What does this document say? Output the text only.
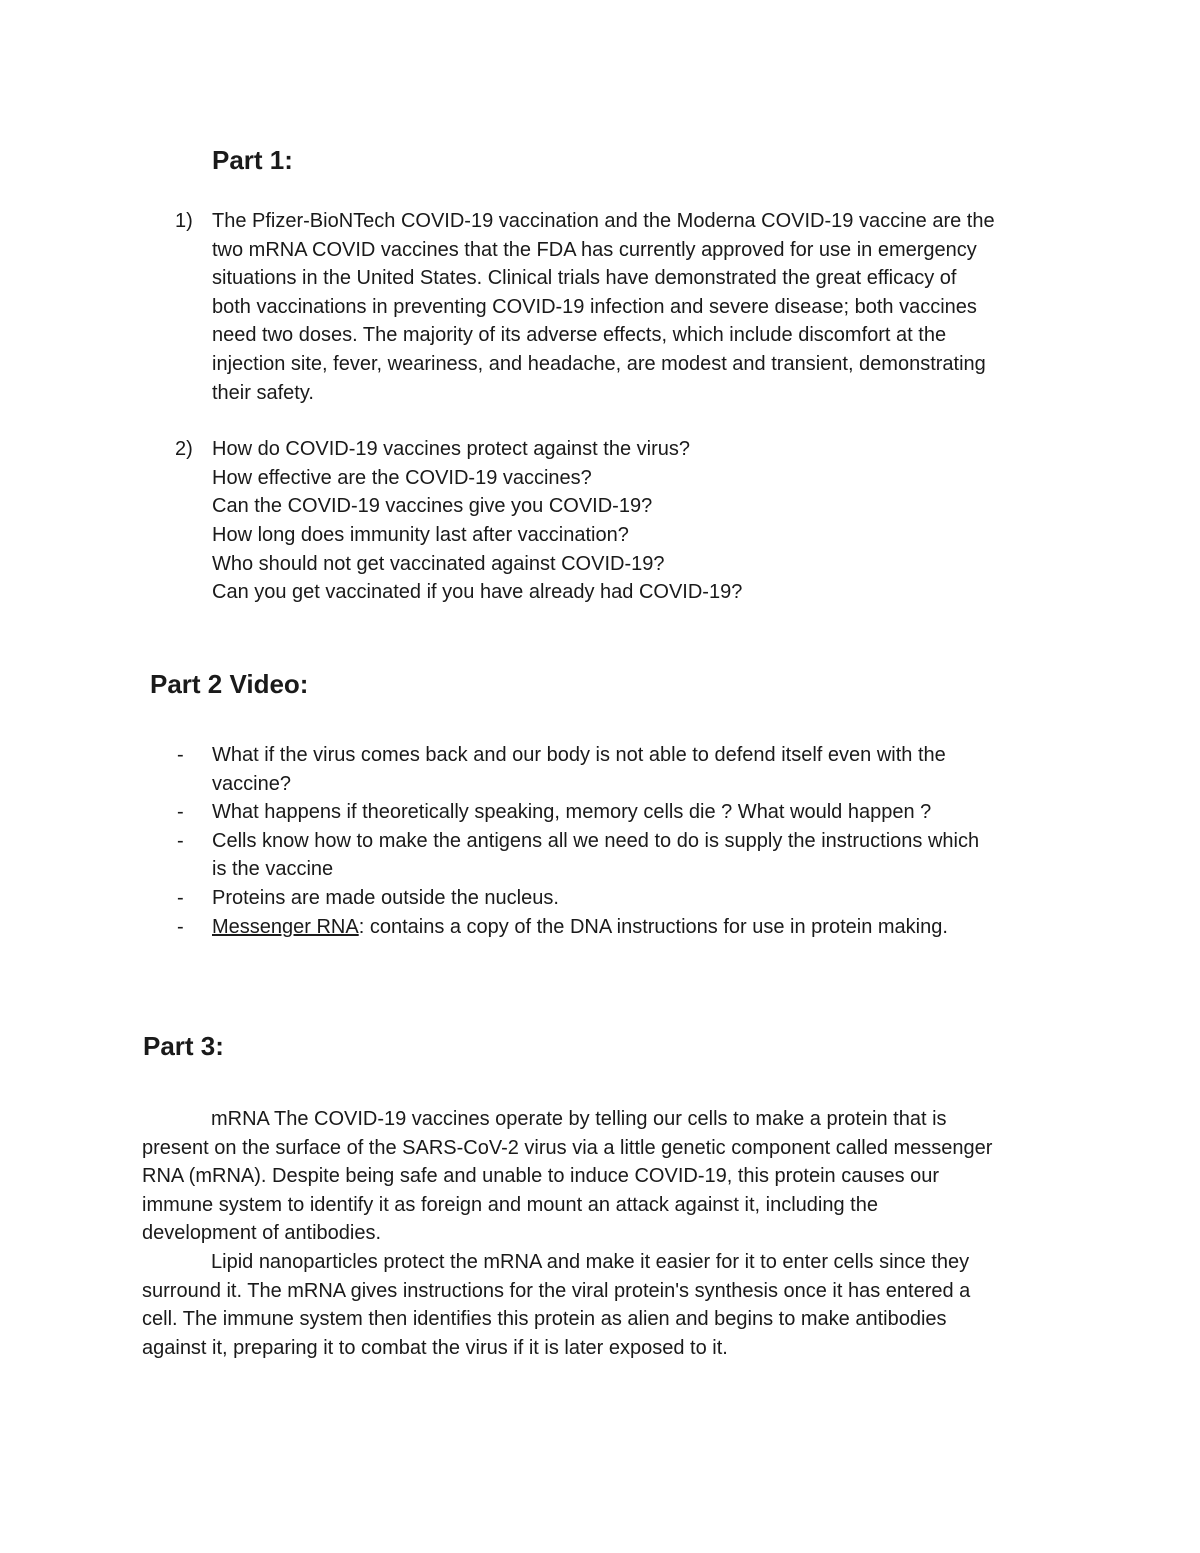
Part 1:
1) The Pfizer-BioNTech COVID-19 vaccination and the Moderna COVID-19 vaccine are the
two mRNA COVID vaccines that the FDA has currently approved for use in emergency
situations in the United States. Clinical trials have demonstrated the great efficacy of
both vaccinations in preventing COVID-19 infection and severe disease; both vaccines
need two doses. The majority of its adverse effects, which include discomfort at the
injection site, fever, weariness, and headache, are modest and transient, demonstrating
their safety.
2) How do COVID-19 vaccines protect against the virus?
How effective are the COVID-19 vaccines?
Can the COVID-19 vaccines give you COVID-19?
How long does immunity last after vaccination?
Who should not get vaccinated against COVID-19?
Can you get vaccinated if you have already had COVID-19?
Part 2 Video:
- What if the virus comes back and our body is not able to defend itself even with the
vaccine?
- What happens if theoretically speaking, memory cells die ? What would happen ?
- Cells know how to make the antigens all we need to do is supply the instructions which
is the vaccine
- Proteins are made outside the nucleus.
- Messenger RNA: contains a copy of the DNA instructions for use in protein making.
Part 3:
mRNA The COVID-19 vaccines operate by telling our cells to make a protein that is
present on the surface of the SARS-CoV-2 virus via a little genetic component called messenger
RNA (mRNA). Despite being safe and unable to induce COVID-19, this protein causes our
immune system to identify it as foreign and mount an attack against it, including the
development of antibodies.
Lipid nanoparticles protect the mRNA and make it easier for it to enter cells since they
surround it. The mRNA gives instructions for the viral protein's synthesis once it has entered a
cell. The immune system then identifies this protein as alien and begins to make antibodies
against it, preparing it to combat the virus if it is later exposed to it.
